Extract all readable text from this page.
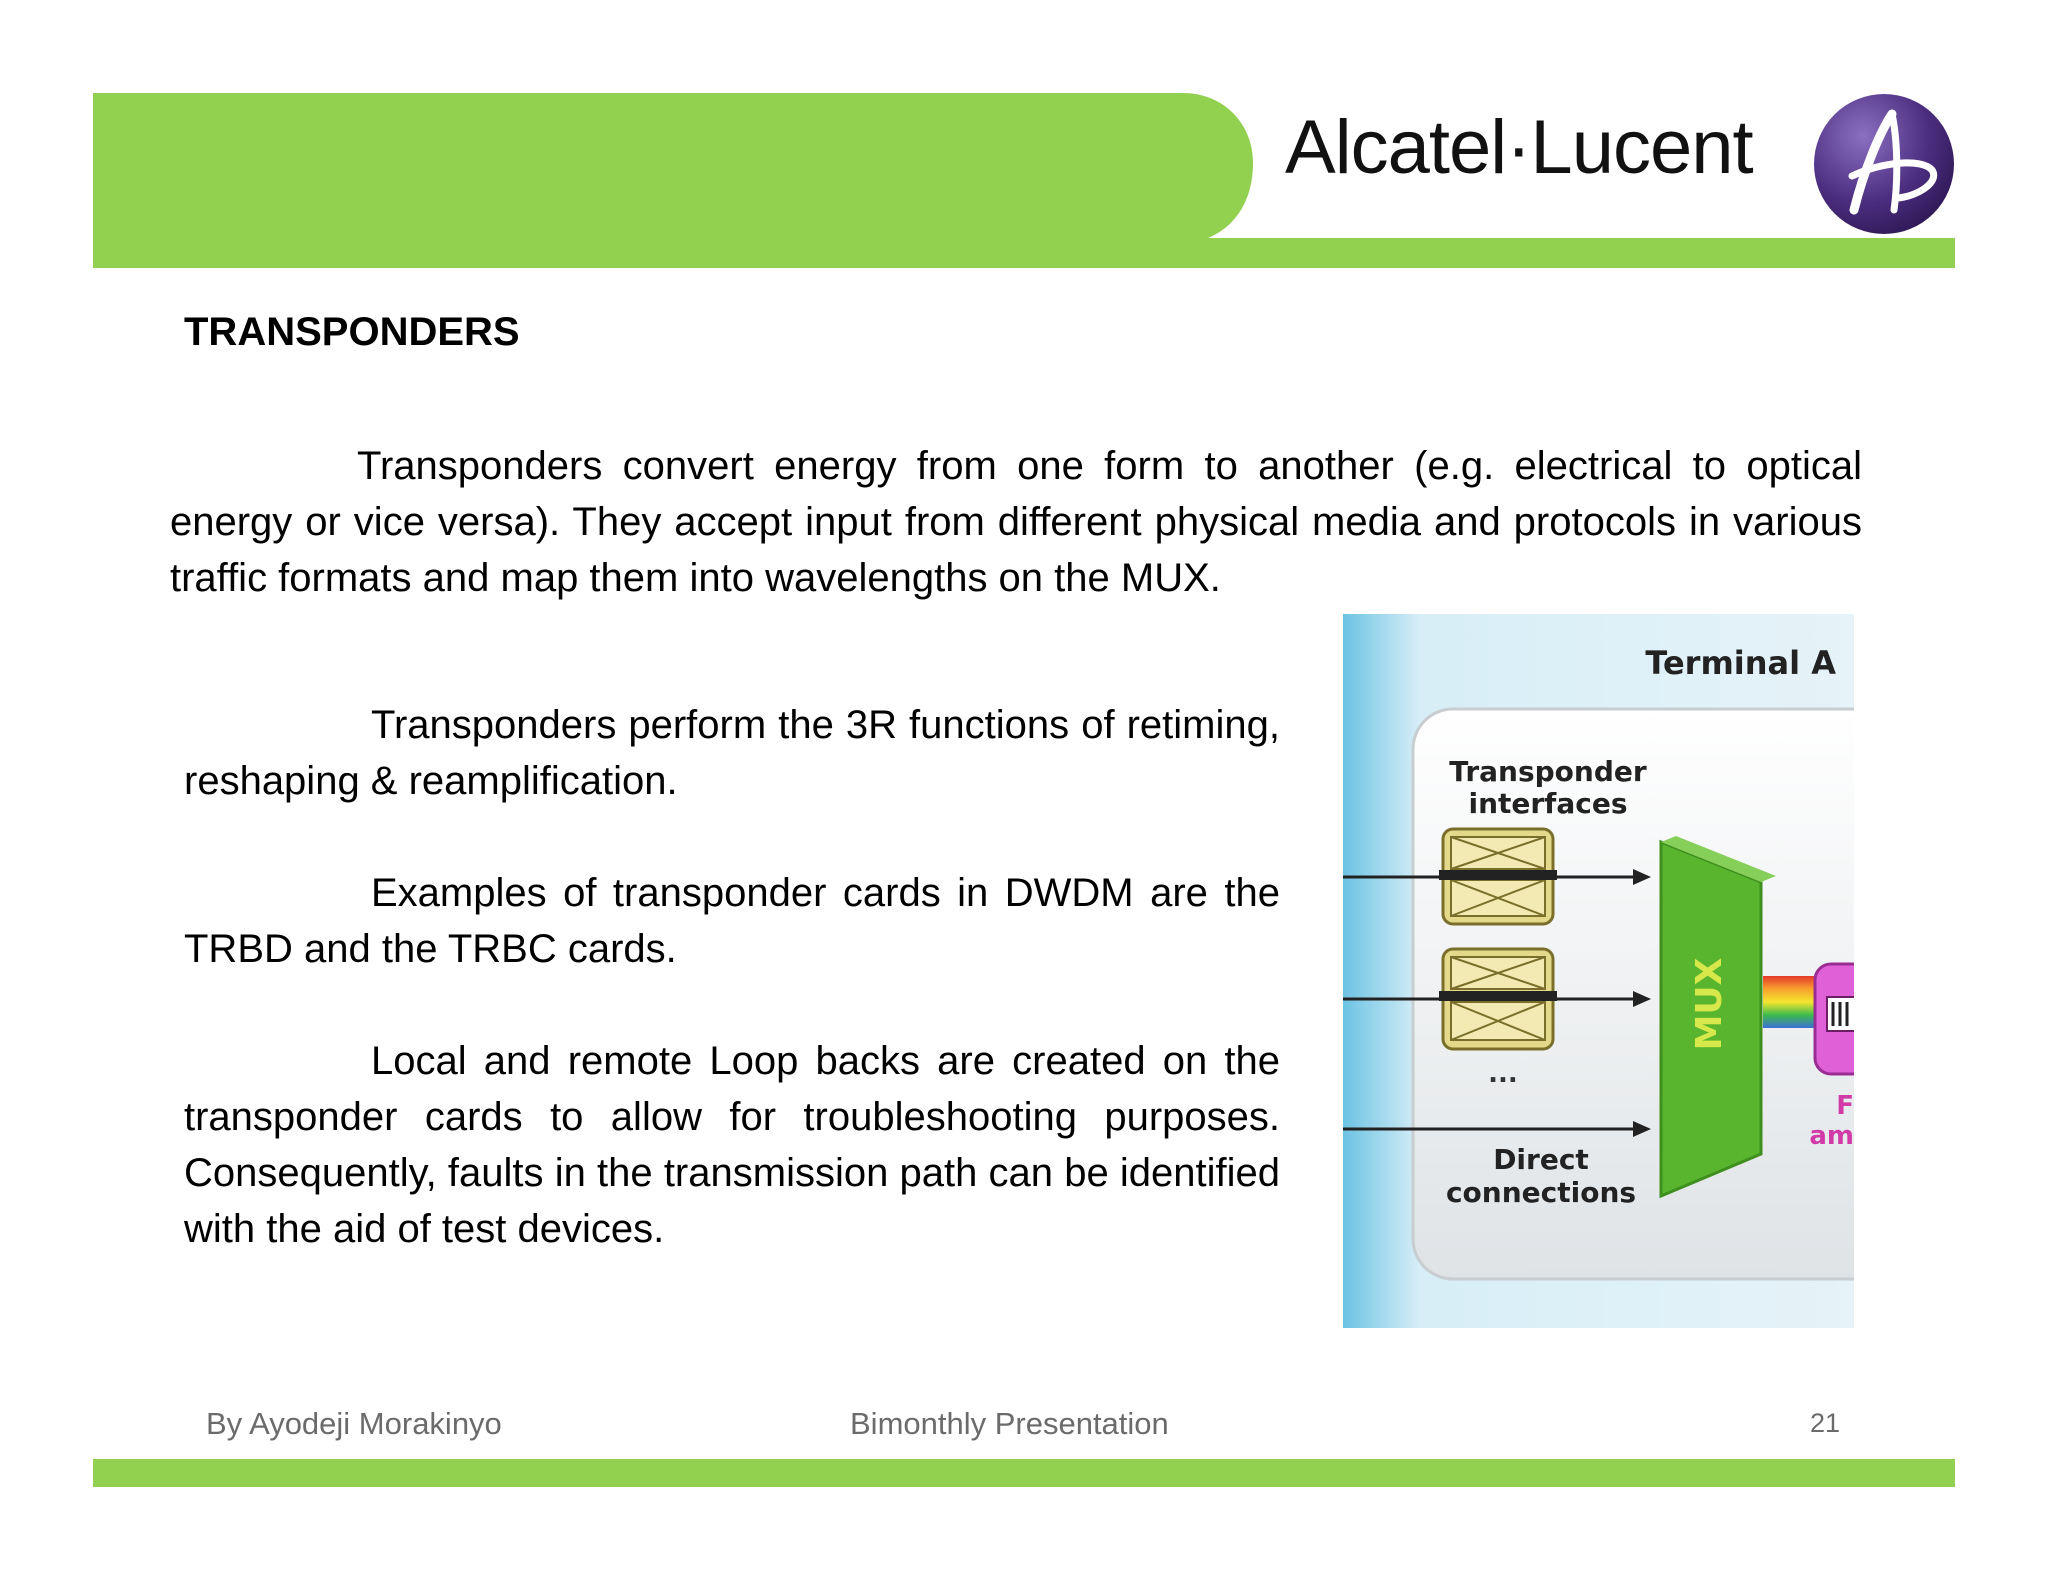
Alcatel·Lucent
TRANSPONDERS
Transponders convert energy from one form to another (e.g. electrical to optical energy or vice versa). They accept input from different physical media and protocols in various traffic formats and map them into wavelengths on the MUX.
Transponders perform the 3R functions of retiming, reshaping & reamplification.
Examples of transponder cards in DWDM are the TRBD and the TRBC cards.
Local and remote Loop backs are created on the transponder cards to allow for troubleshooting purposes. Consequently, faults in the transmission path can be identified with the aid of test devices.
Terminal A
Transponder
interfaces
...
Direct
connections
MUX
F
am
By Ayodeji Morakinyo	Bimonthly Presentation	21
